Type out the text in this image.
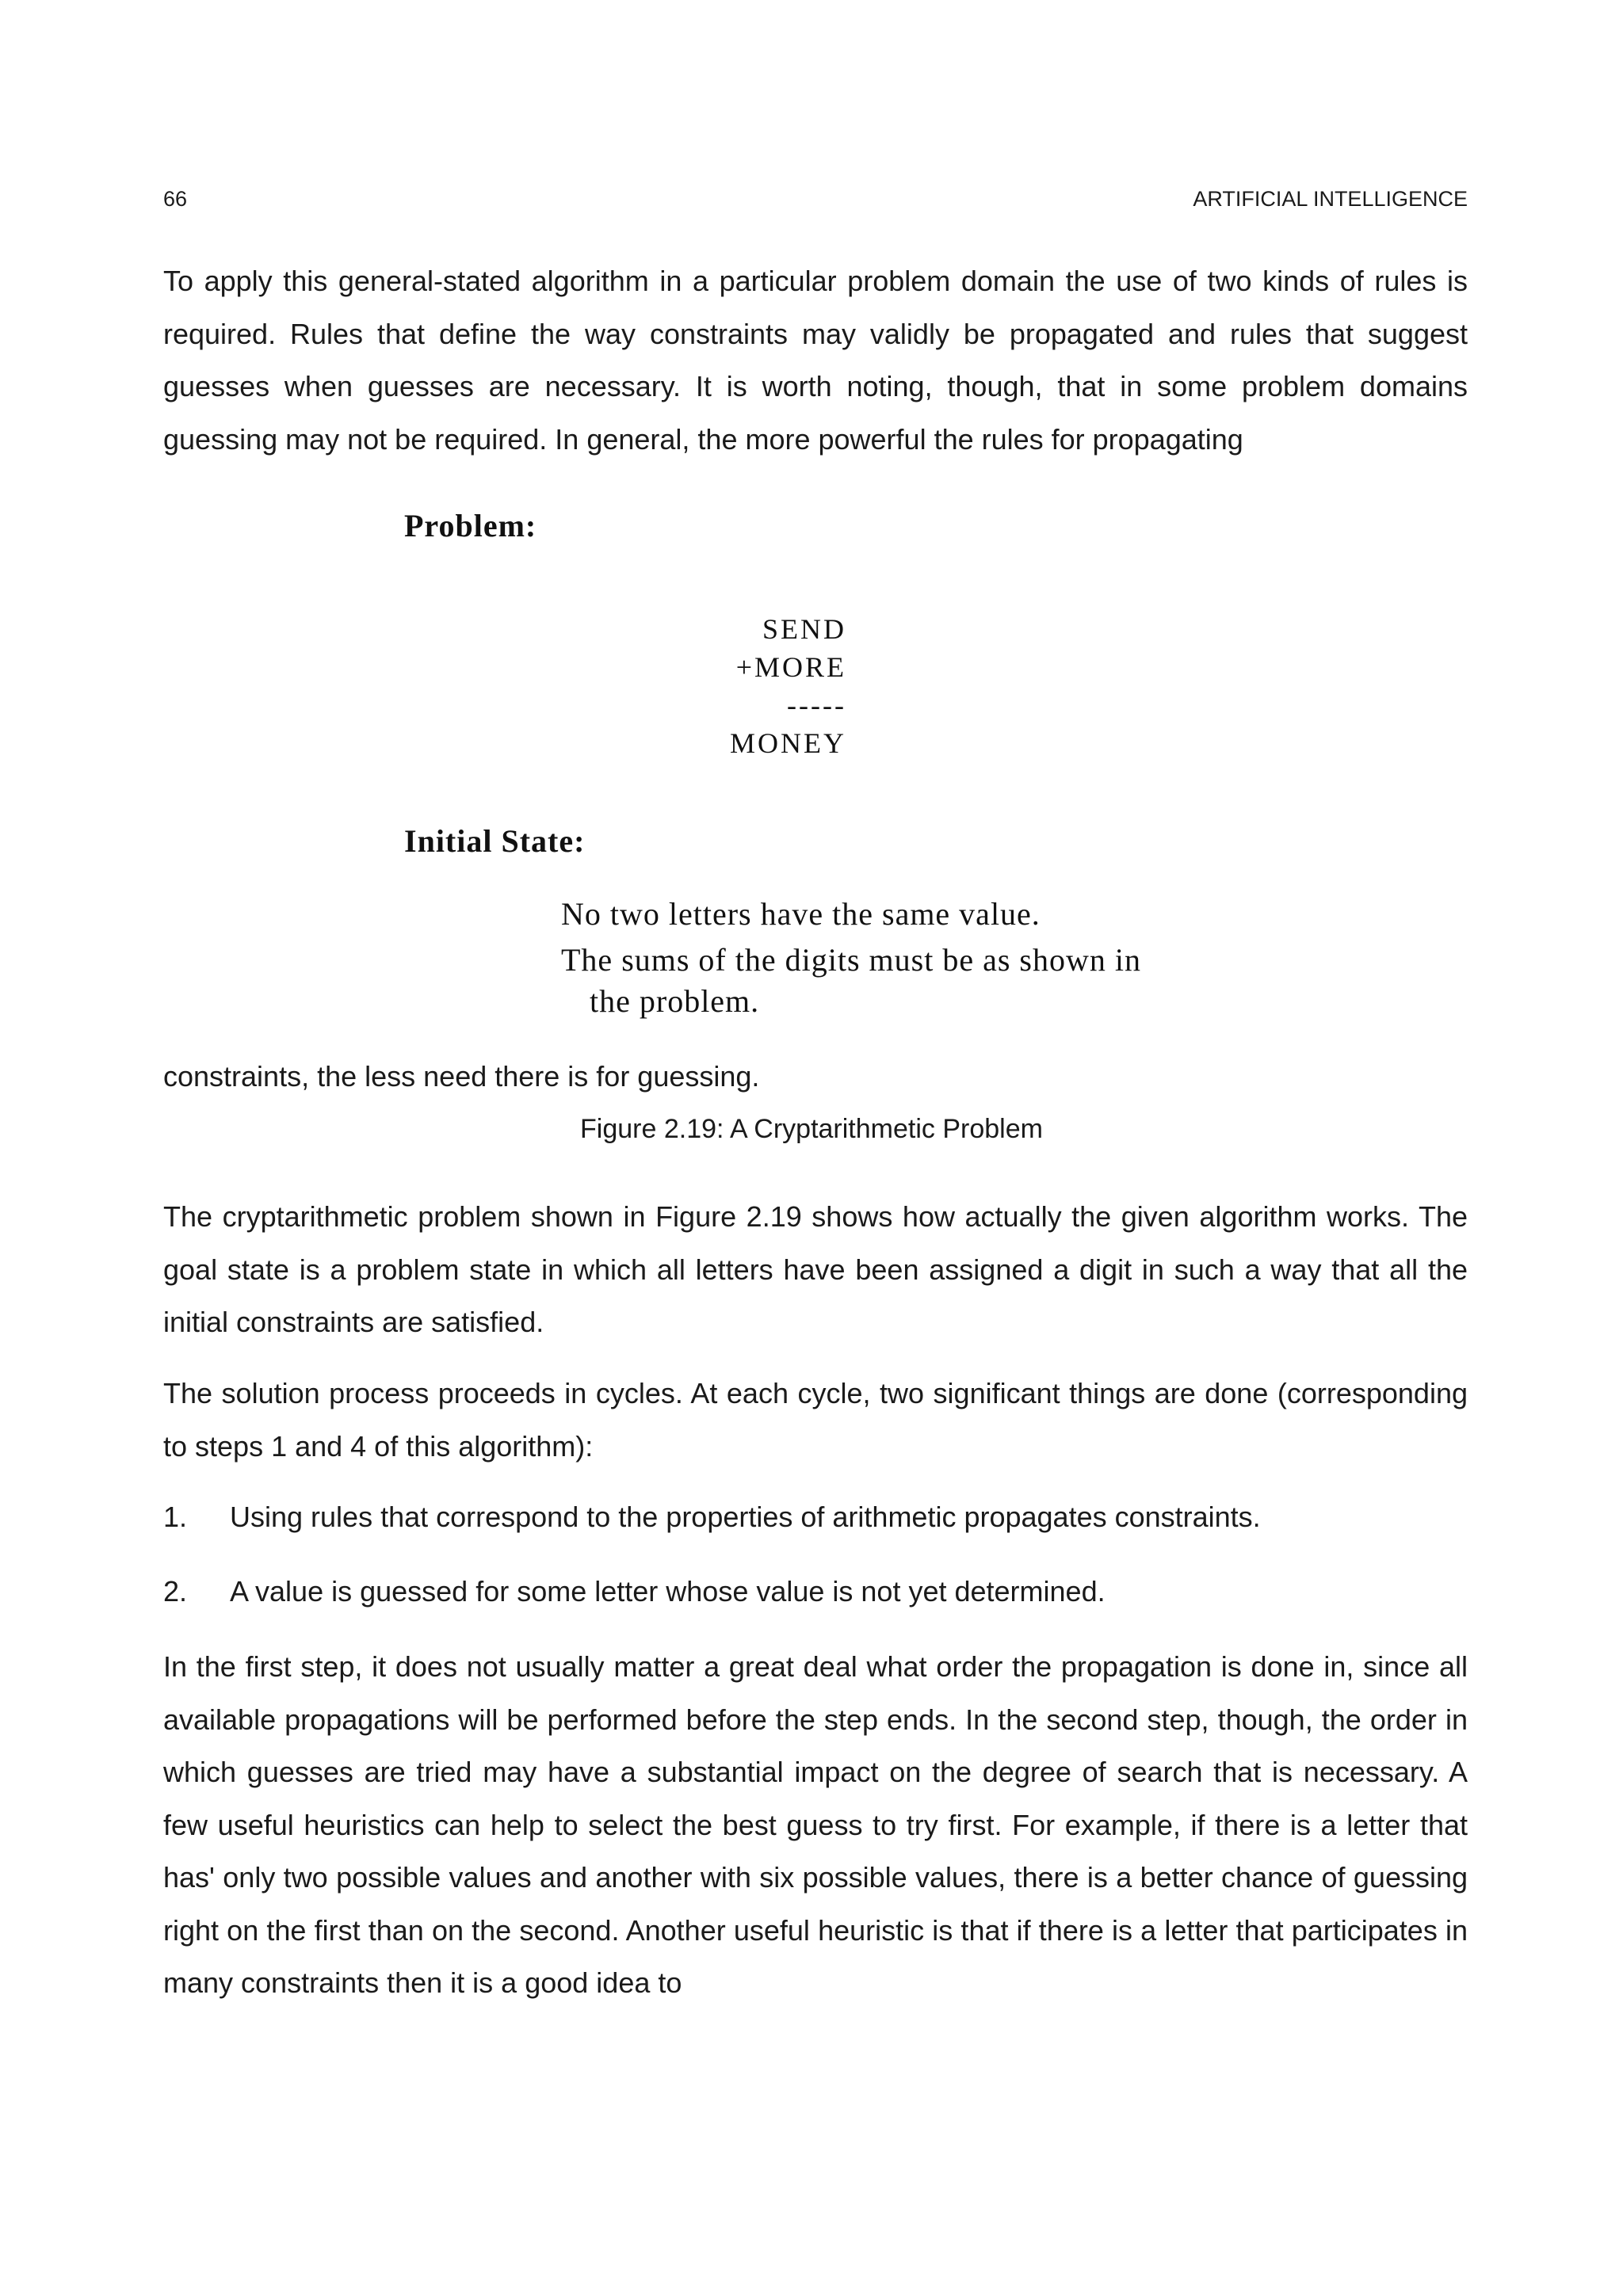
66	ARTIFICIAL INTELLIGENCE

To apply this general-stated algorithm in a particular problem domain the use of two kinds of rules is required. Rules that define the way constraints may validly be propagated and rules that suggest guesses when guesses are necessary. It is worth noting, though, that in some problem domains guessing may not be required. In general, the more powerful the rules for propagating

Problem:
SEND
+MORE
-----
MONEY
Initial State:
No two letters have the same value.
The sums of the digits must be as shown in
the problem.

constraints, the less need there is for guessing.

Figure 2.19: A Cryptarithmetic Problem

The cryptarithmetic problem shown in Figure 2.19 shows how actually the given algorithm works. The goal state is a problem state in which all letters have been assigned a digit in such a way that all the initial constraints are satisfied.

The solution process proceeds in cycles. At each cycle, two significant things are done (corresponding to steps 1 and 4 of this algorithm):

1. Using rules that correspond to the properties of arithmetic propagates constraints.
2. A value is guessed for some letter whose value is not yet determined.

In the first step, it does not usually matter a great deal what order the propagation is done in, since all available propagations will be performed before the step ends. In the second step, though, the order in which guesses are tried may have a substantial impact on the degree of search that is necessary. A few useful heuristics can help to select the best guess to try first. For example, if there is a letter that has' only two possible values and another with six possible values, there is a better chance of guessing right on the first than on the second. Another useful heuristic is that if there is a letter that participates in many constraints then it is a good idea to
